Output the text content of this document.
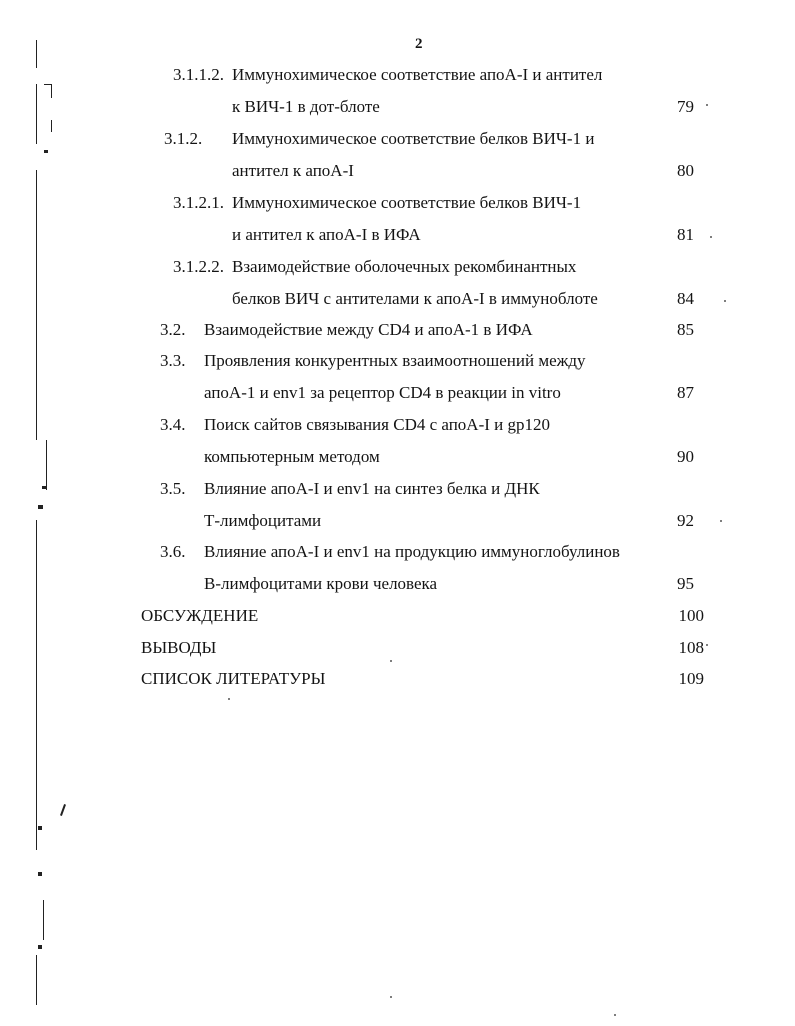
2
3.1.1.2. Иммунохимическое соответствие апоА-I и антител
к ВИЧ-1 в дот-блоте	79
3.1.2. Иммунохимическое соответствие белков ВИЧ-1 и
антител к апоА-I	80
3.1.2.1. Иммунохимическое соответствие белков ВИЧ-1
и антител к апоА-I в ИФА	81
3.1.2.2. Взаимодействие оболочечных рекомбинантных
белков ВИЧ с антителами к апоА-I в иммуноблоте	84
3.2. Взаимодействие между CD4 и апоА-1 в ИФА	85
3.3. Проявления конкурентных взаимоотношений между
апоА-1 и env1 за рецептор CD4 в реакции in vitro	87
3.4. Поиск сайтов связывания CD4 с апоА-I и gp120
компьютерным методом	90
3.5. Влияние апоА-I и env1 на синтез белка и ДНК
Т-лимфоцитами	92
3.6. Влияние апоА-I и env1 на продукцию иммуноглобулинов
В-лимфоцитами крови человека	95
ОБСУЖДЕНИЕ	100
ВЫВОДЫ	108
СПИСОК ЛИТЕРАТУРЫ	109
